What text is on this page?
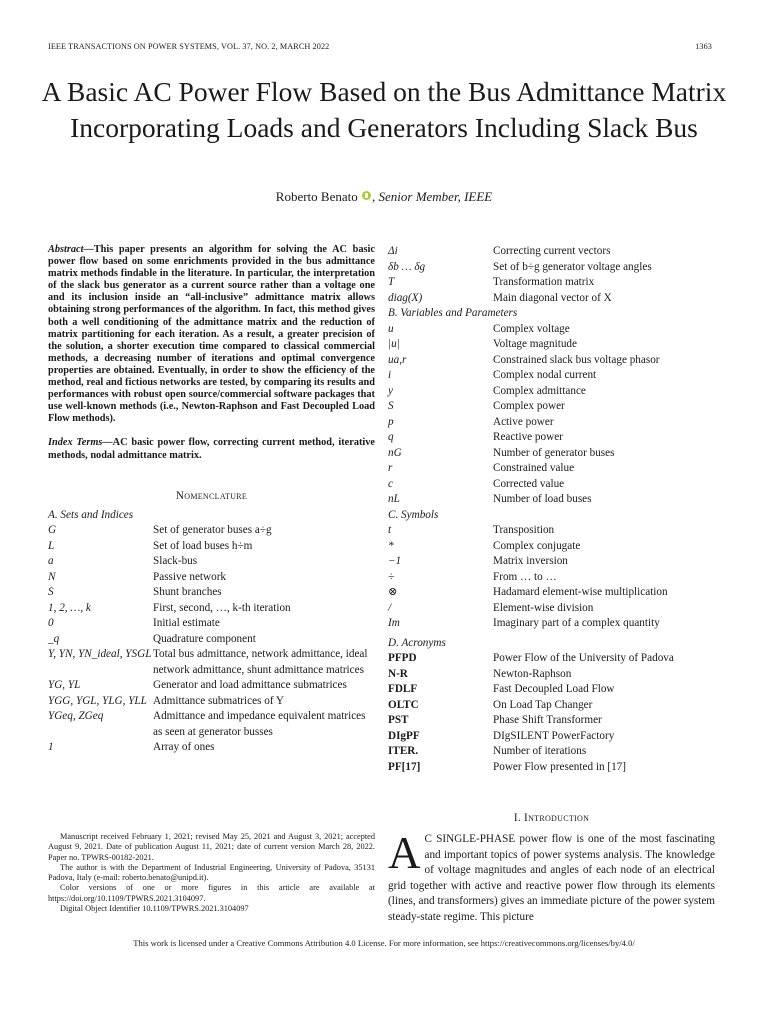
IEEE TRANSACTIONS ON POWER SYSTEMS, VOL. 37, NO. 2, MARCH 2022	1363
A Basic AC Power Flow Based on the Bus Admittance Matrix Incorporating Loads and Generators Including Slack Bus
Roberto Benato , Senior Member, IEEE

Abstract—This paper presents an algorithm for solving the AC basic power flow based on some enrichments provided in the bus admittance matrix methods findable in the literature. In particular, the interpretation of the slack bus generator as a current source rather than a voltage one and its inclusion inside an “all-inclusive” admittance matrix allows obtaining strong performances of the algorithm. In fact, this method gives both a well conditioning of the admittance matrix and the reduction of matrix partitioning for each iteration. As a result, a greater precision of the solution, a shorter execution time compared to classical commercial methods, a decreasing number of iterations and optimal convergence properties are obtained. Eventually, in order to show the efficiency of the method, real and fictious networks are tested, by comparing its results and performances with robust open source/commercial software packages that use well-known methods (i.e., Newton-Raphson and Fast Decoupled Load Flow methods).

Index Terms—AC basic power flow, correcting current method, iterative methods, nodal admittance matrix.

Nomenclature
A. Sets and Indices
G	Set of generator buses a÷g
L	Set of load buses h÷m
a	Slack-bus
N	Passive network
S	Shunt branches
1, 2, …, k	First, second, …, k-th iteration
0	Initial estimate
_q	Quadrature component
Y, YN, YN_ideal, YSGL	Total bus admittance, network admittance, ideal network admittance, shunt admittance matrices
YG, YL	Generator and load admittance submatrices
YGG, YGL, YLG, YLL	Admittance submatrices of Y
YGeq, ZGeq	Admittance and impedance equivalent matrices as seen at generator busses
1	Array of ones
Δi	Correcting current vectors
δb … δg	Set of b÷g generator voltage angles
T	Transformation matrix
diag(X)	Main diagonal vector of X
B. Variables and Parameters
u	Complex voltage
|u|	Voltage magnitude
ua,r	Constrained slack bus voltage phasor
i	Complex nodal current
y	Complex admittance
S	Complex power
p	Active power
q	Reactive power
nG	Number of generator buses
r	Constrained value
c	Corrected value
nL	Number of load buses
C. Symbols
t	Transposition
*	Complex conjugate
−1	Matrix inversion
÷	From … to …
⊗	Hadamard element-wise multiplication
/	Element-wise division
Im	Imaginary part of a complex quantity
D. Acronyms
PFPD	Power Flow of the University of Padova
N-R	Newton-Raphson
FDLF	Fast Decoupled Load Flow
OLTC	On Load Tap Changer
PST	Phase Shift Transformer
DIgPF	DIgSILENT PowerFactory
ITER.	Number of iterations
PF[17]	Power Flow presented in [17]

Manuscript received February 1, 2021; revised May 25, 2021 and August 3, 2021; accepted August 9, 2021. Date of publication August 11, 2021; date of current version March 28, 2022. Paper no. TPWRS-00182-2021.

The author is with the Department of Industrial Engineering, University of Padova, 35131 Padova, Italy (e-mail: roberto.benato@unipd.it).

Color versions of one or more figures in this article are available at https://doi.org/10.1109/TPWRS.2021.3104097.

Digital Object Identifier 10.1109/TPWRS.2021.3104097

I. Introduction
A C SINGLE-PHASE power flow is one of the most fascinating and important topics of power systems analysis. The knowledge of voltage magnitudes and angles of each node of an electrical grid together with active and reactive power flow through its elements (lines, and transformers) gives an immediate picture of the power system steady-state regime. This picture
This work is licensed under a Creative Commons Attribution 4.0 License. For more information, see https://creativecommons.org/licenses/by/4.0/
